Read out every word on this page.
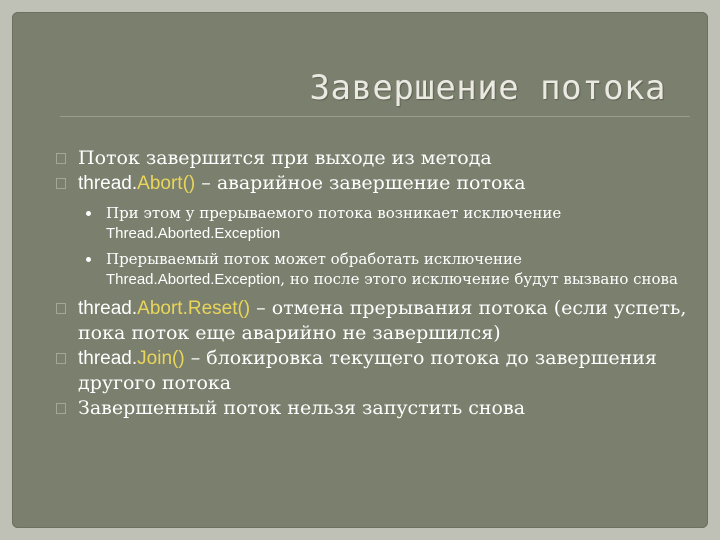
Завершение потока
Поток завершится при выходе из метода
thread.Abort() – аварийное завершение потока
При этом у прерываемого потока возникает исключение
Thread.Aborted.Exception
Прерываемый поток может обработать исключение
Thread.Aborted.Exception, но после этого исключение будут вызвано снова
thread.Abort.Reset() – отмена прерывания потока (если успеть, пока поток еще аварийно не завершился)
thread.Join() – блокировка текущего потока до завершения другого потока
Завершенный поток нельзя запустить снова
